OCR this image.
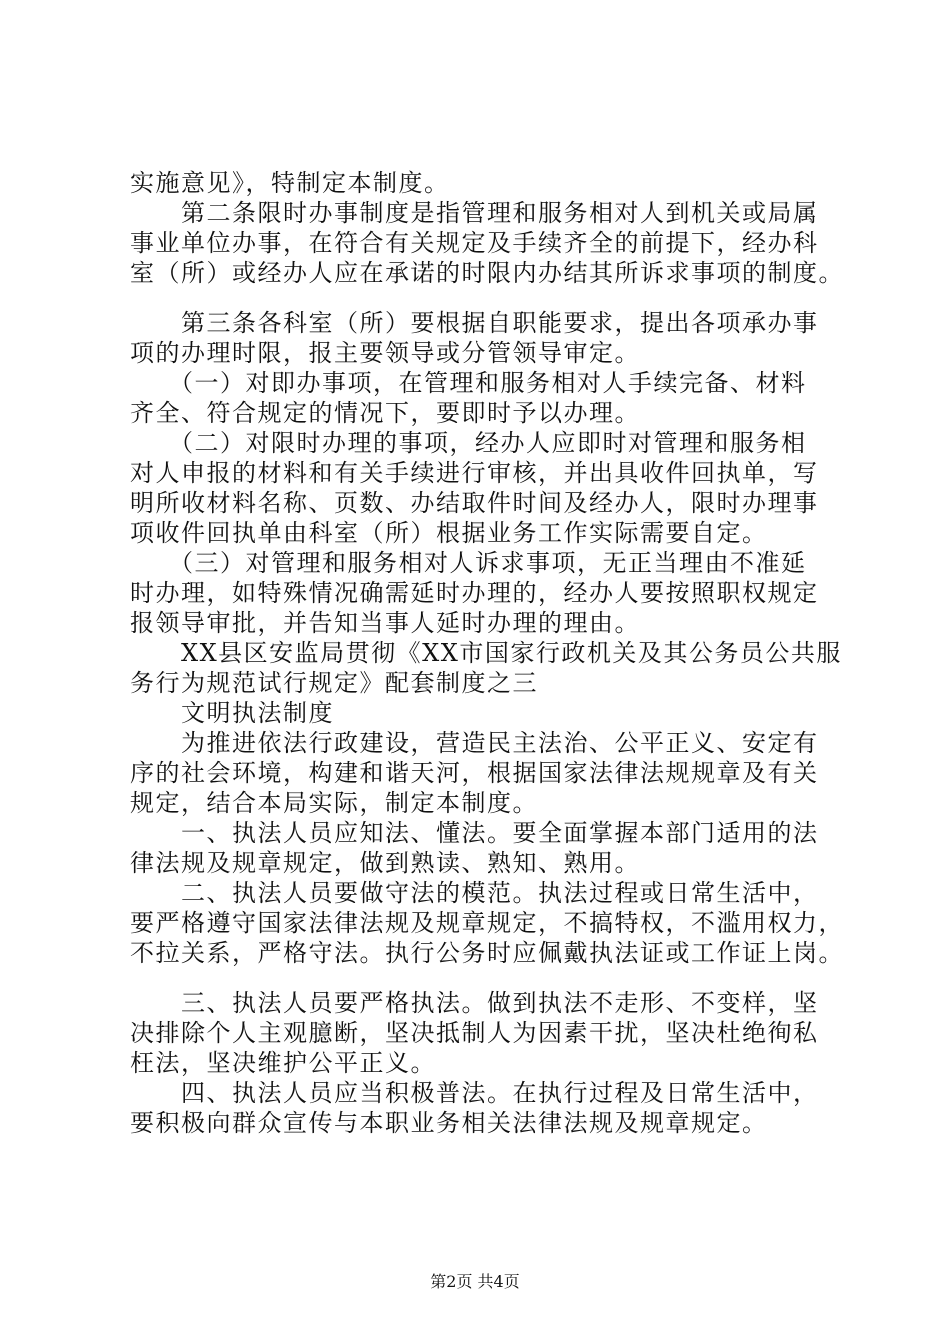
实施意见》，特制定本制度。
　　第二条限时办事制度是指管理和服务相对人到机关或局属
事业单位办事，在符合有关规定及手续齐全的前提下，经办科
室（所）或经办人应在承诺的时限内办结其所诉求事项的制度。
　　第三条各科室（所）要根据自职能要求，提出各项承办事
项的办理时限，报主要领导或分管领导审定。
　　（一）对即办事项，在管理和服务相对人手续完备、材料
齐全、符合规定的情况下，要即时予以办理。
　　（二）对限时办理的事项，经办人应即时对管理和服务相
对人申报的材料和有关手续进行审核，并出具收件回执单，写
明所收材料名称、页数、办结取件时间及经办人，限时办理事
项收件回执单由科室（所）根据业务工作实际需要自定。
　　（三）对管理和服务相对人诉求事项，无正当理由不准延
时办理，如特殊情况确需延时办理的，经办人要按照职权规定
报领导审批，并告知当事人延时办理的理由。
　　XX县区安监局贯彻《XX市国家行政机关及其公务员公共服
务行为规范试行规定》配套制度之三
　　文明执法制度
　　为推进依法行政建设，营造民主法治、公平正义、安定有
序的社会环境，构建和谐天河，根据国家法律法规规章及有关
规定，结合本局实际，制定本制度。
　　一、执法人员应知法、懂法。要全面掌握本部门适用的法
律法规及规章规定，做到熟读、熟知、熟用。
　　二、执法人员要做守法的模范。执法过程或日常生活中，
要严格遵守国家法律法规及规章规定，不搞特权，不滥用权力，
不拉关系，严格守法。执行公务时应佩戴执法证或工作证上岗。
　　三、执法人员要严格执法。做到执法不走形、不变样，坚
决排除个人主观臆断，坚决抵制人为因素干扰，坚决杜绝徇私
枉法，坚决维护公平正义。
　　四、执法人员应当积极普法。在执行过程及日常生活中，
要积极向群众宣传与本职业务相关法律法规及规章规定。
第2页 共4页
